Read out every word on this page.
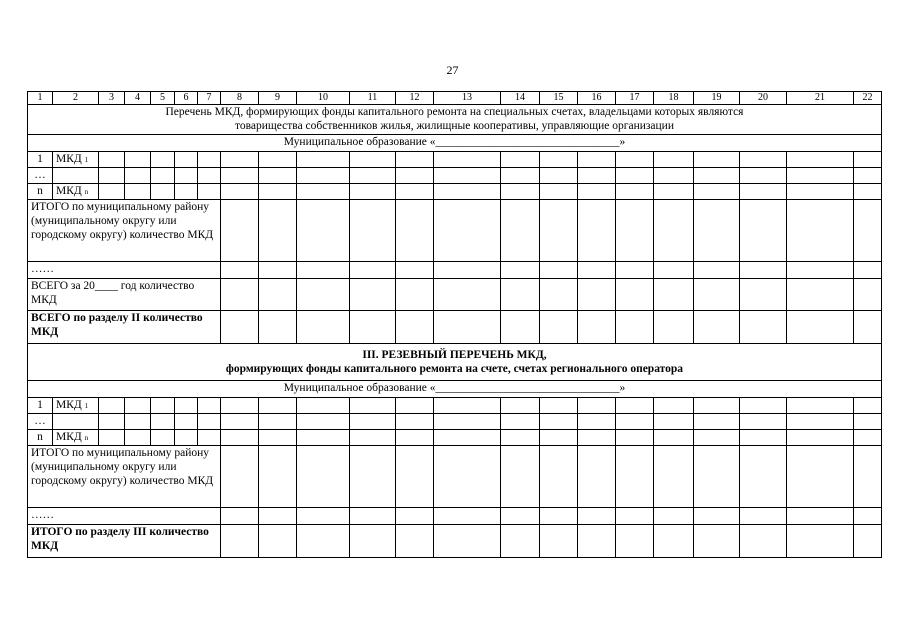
27
1	2	3	4	5	6	7	8	9	10	11	12	13	14	15	16	17	18	19	20	21	22

Перечень МКД, формирующих фонды капитального ремонта на специальных счетах, владельцами которых являются
товарищества собственников жилья, жилищные кооперативы, управляющие организации																					

Муниципальное образование «________________________________»																					
1	МКД 1																				
…																					
n	МКД n																				
ИТОГО по муниципальному району (муниципальному округу или городскому округу) количество МКД																					
……																					
ВСЕГО за 20____ год количество МКД																					
ВСЕГО по разделу II количество МКД																					

III. РЕЗЕВНЫЙ ПЕРЕЧЕНЬ МКД,
формирующих фонды капитального ремонта на счете, счетах регионального оператора																					

Муниципальное образование «________________________________»																					
1	МКД 1																				
…																					
n	МКД n																				
ИТОГО по муниципальному району (муниципальному округу или городскому округу) количество МКД																					
……																					
ИТОГО по разделу III количество МКД																					
